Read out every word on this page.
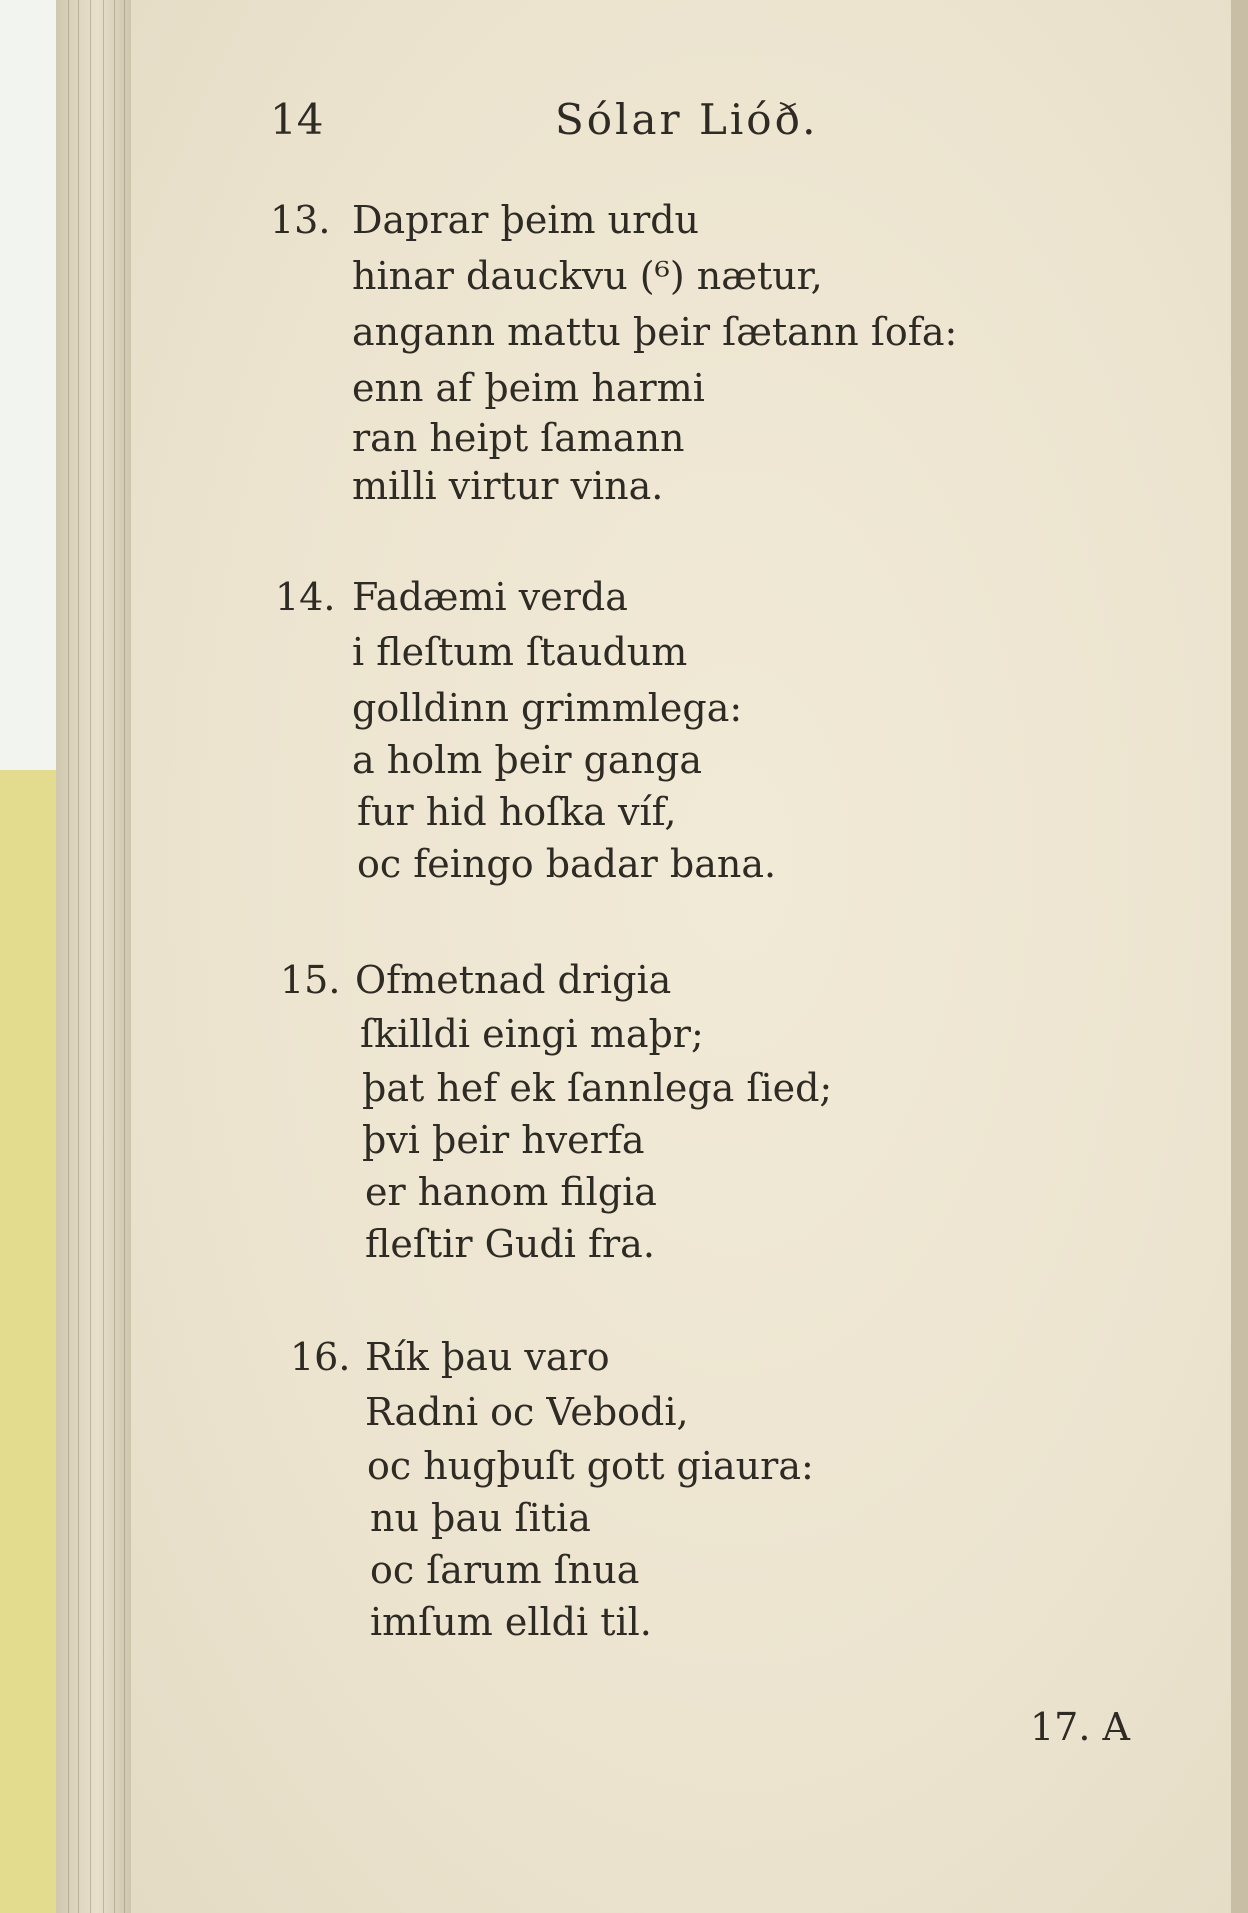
14	Sólar Lióð.
13. Daprar þeim urdu
hinar dauckvu (⁶) nætur,
angann mattu þeir ſætann ſofa:
enn af þeim harmi
ran heipt ſamann
milli virtur vina.
14. Fadæmi verda
i fleſtum ſtaudum
golldinn grimmlega:
a holm þeir ganga
fur hid hoſka víf,
oc feingo badar bana.
15. Ofmetnad drigia
ſkilldi eingi maþr;
þat hef ek ſannlega ſied;
þvi þeir hverfa
er hanom filgia
fleſtir Gudi fra.
16. Rík þau varo
Radni oc Vebodi,
oc hugþuſt gott giaura:
nu þau ſitia
oc ſarum ſnua
imſum elldi til.
17. A
